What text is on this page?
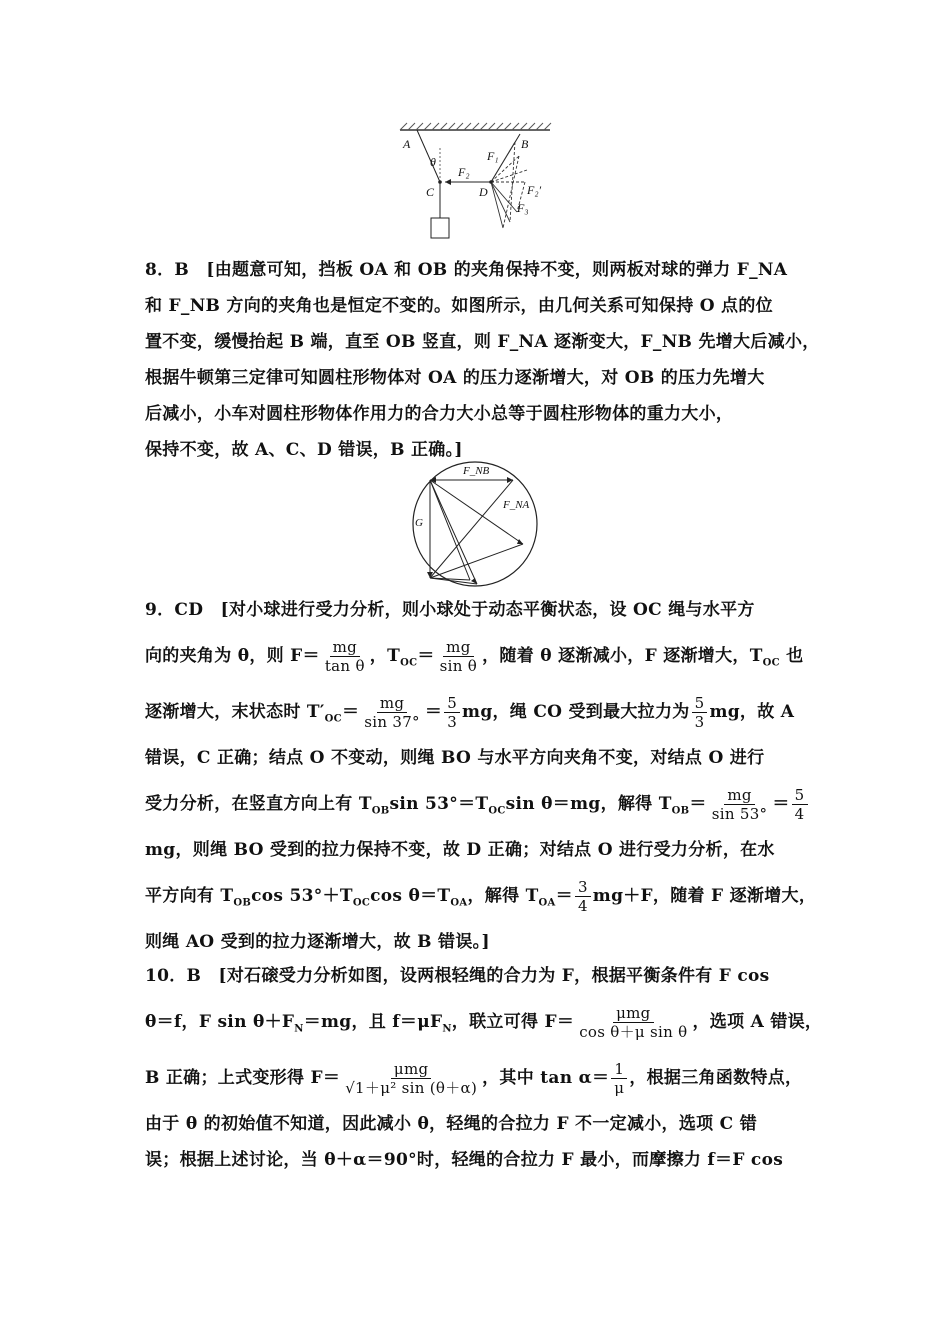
A
θ
C
F₂
D
F₁
B
F₂′
F₃
8．B　[由题意可知，挡板 OA 和 OB 的夹角保持不变，则两板对球的弹力 F_NA
和 F_NB 方向的夹角也是恒定不变的。如图所示，由几何关系可知保持 O 点的位
置不变，缓慢抬起 B 端，直至 OB 竖直，则 F_NA 逐渐变大，F_NB 先增大后减小，
根据牛顿第三定律可知圆柱形物体对 OA 的压力逐渐增大，对 OB 的压力先增大
后减小，小车对圆柱形物体作用力的合力大小总等于圆柱形物体的重力大小，
保持不变，故 A、C、D 错误，B 正确。]
F_NB
F_NA
G
9．CD　[对小球进行受力分析，则小球处于动态平衡状态，设 OC 绳与水平方
向的夹角为 θ，则 $F= \frac{mg}{\text{tan θ}}$ ，$T_{OC}= \frac{mg}{\text{sin θ}}$ ，随着 θ 逐渐减小，F 逐渐增大，$T_{OC}$ 也
逐渐增大，末状态时 $T'_{OC}= \frac{mg}{\sin 37^\circ} = \frac{5}{3}$ mg，绳 CO 受到最大拉力为 $\frac{5}{3}$ mg，故 A
错误，C 正确；结点 O 不变动，则绳 BO 与水平方向夹角不变，对结点 O 进行
受力分析，在竖直方向上有 $T_{OB}\sin$ $53^\circ=T_{OC}\sin$ θ＝mg，解得 $T_{OB}= \frac{mg}{\sin 53^\circ} = \frac{5}{4}$
mg，则绳 BO 受到的拉力保持不变，故 D 正确；对结点 O 进行受力分析，在水
平方向有 $T_{OB}\cos$ $53^\circ+T_{OC}\cos$ $\theta=T_{OA}$，解得 $T_{OA}= \frac{3}{4} mg+F$，随着 F 逐渐增大，
则绳 AO 受到的拉力逐渐增大，故 B 错误。]
10．B　[对石磙受力分析如图，设两根轻绳的合力为 F，根据平衡条件有 F cos
θ＝f，F $\sin \theta+F_N=mg$，且 $f=\mu F_N$，联立可得 $F= \frac{\text{μmg}}{\text{cos θ＋μ sin θ}}$ ，选项 A 错误，
B 正确；上式变形得 $F= \frac{\text{μmg}}{\text{√1＋μ² sin (θ＋α)}}$ ，其中 $\tan \alpha= \frac{1}{\mu}$ ，根据三角函数特点，
由于 θ 的初始值不知道，因此减小 θ，轻绳的合拉力 F 不一定减小，选项 C 错
误；根据上述讨论，当 θ＋α＝90°时，轻绳的合拉力 F 最小，而摩擦力 f＝F cos
